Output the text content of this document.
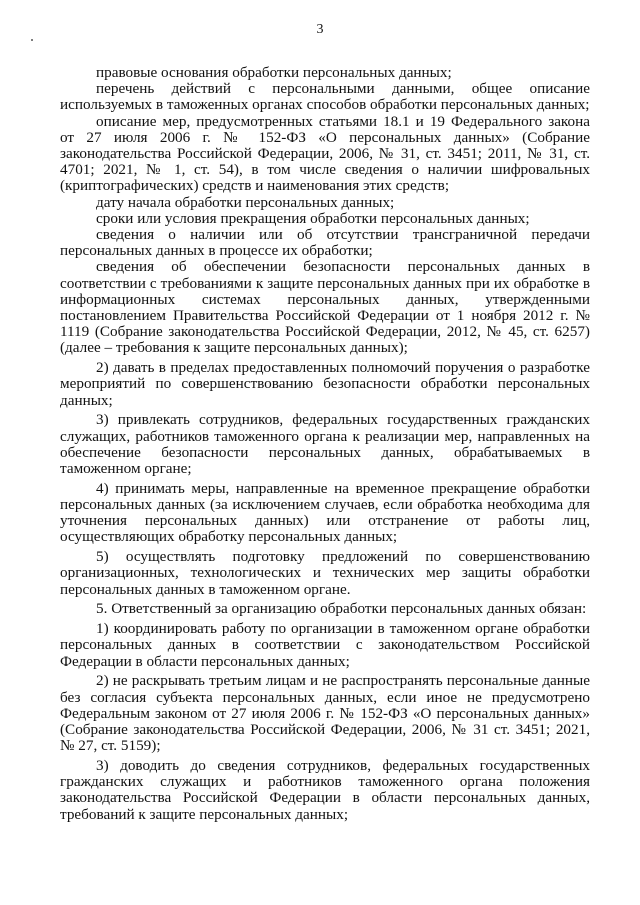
3

правовые основания обработки персональных данных;

перечень действий с персональными данными, общее описание используемых в таможенных органах способов обработки персональных данных;

описание мер, предусмотренных статьями 18.1 и 19 Федерального закона от 27 июля 2006 г. № 152-ФЗ «О персональных данных» (Собрание законодательства Российской Федерации, 2006, № 31, ст. 3451; 2011, № 31, ст. 4701; 2021, № 1, ст. 54), в том числе сведения о наличии шифровальных (криптографических) средств и наименования этих средств;

дату начала обработки персональных данных;

сроки или условия прекращения обработки персональных данных;

сведения о наличии или об отсутствии трансграничной передачи персональных данных в процессе их обработки;

сведения об обеспечении безопасности персональных данных в соответствии с требованиями к защите персональных данных при их обработке в информационных системах персональных данных, утвержденными постановлением Правительства Российской Федерации от 1 ноября 2012 г. № 1119 (Собрание законодательства Российской Федерации, 2012, № 45, ст. 6257) (далее – требования к защите персональных данных);

2) давать в пределах предоставленных полномочий поручения о разработке мероприятий по совершенствованию безопасности обработки персональных данных;

3) привлекать сотрудников, федеральных государственных гражданских служащих, работников таможенного органа к реализации мер, направленных на обеспечение безопасности персональных данных, обрабатываемых в таможенном органе;

4) принимать меры, направленные на временное прекращение обработки персональных данных (за исключением случаев, если обработка необходима для уточнения персональных данных) или отстранение от работы лиц, осуществляющих обработку персональных данных;

5) осуществлять подготовку предложений по совершенствованию организационных, технологических и технических мер защиты обработки персональных данных в таможенном органе.

5. Ответственный за организацию обработки персональных данных обязан:

1) координировать работу по организации в таможенном органе обработки персональных данных в соответствии с законодательством Российской Федерации в области персональных данных;

2) не раскрывать третьим лицам и не распространять персональные данные без согласия субъекта персональных данных, если иное не предусмотрено Федеральным законом от 27 июля 2006 г. № 152-ФЗ «О персональных данных» (Собрание законодательства Российской Федерации, 2006, № 31 ст. 3451; 2021, № 27, ст. 5159);

3) доводить до сведения сотрудников, федеральных государственных гражданских служащих и работников таможенного органа положения законодательства Российской Федерации в области персональных данных, требований к защите персональных данных;
